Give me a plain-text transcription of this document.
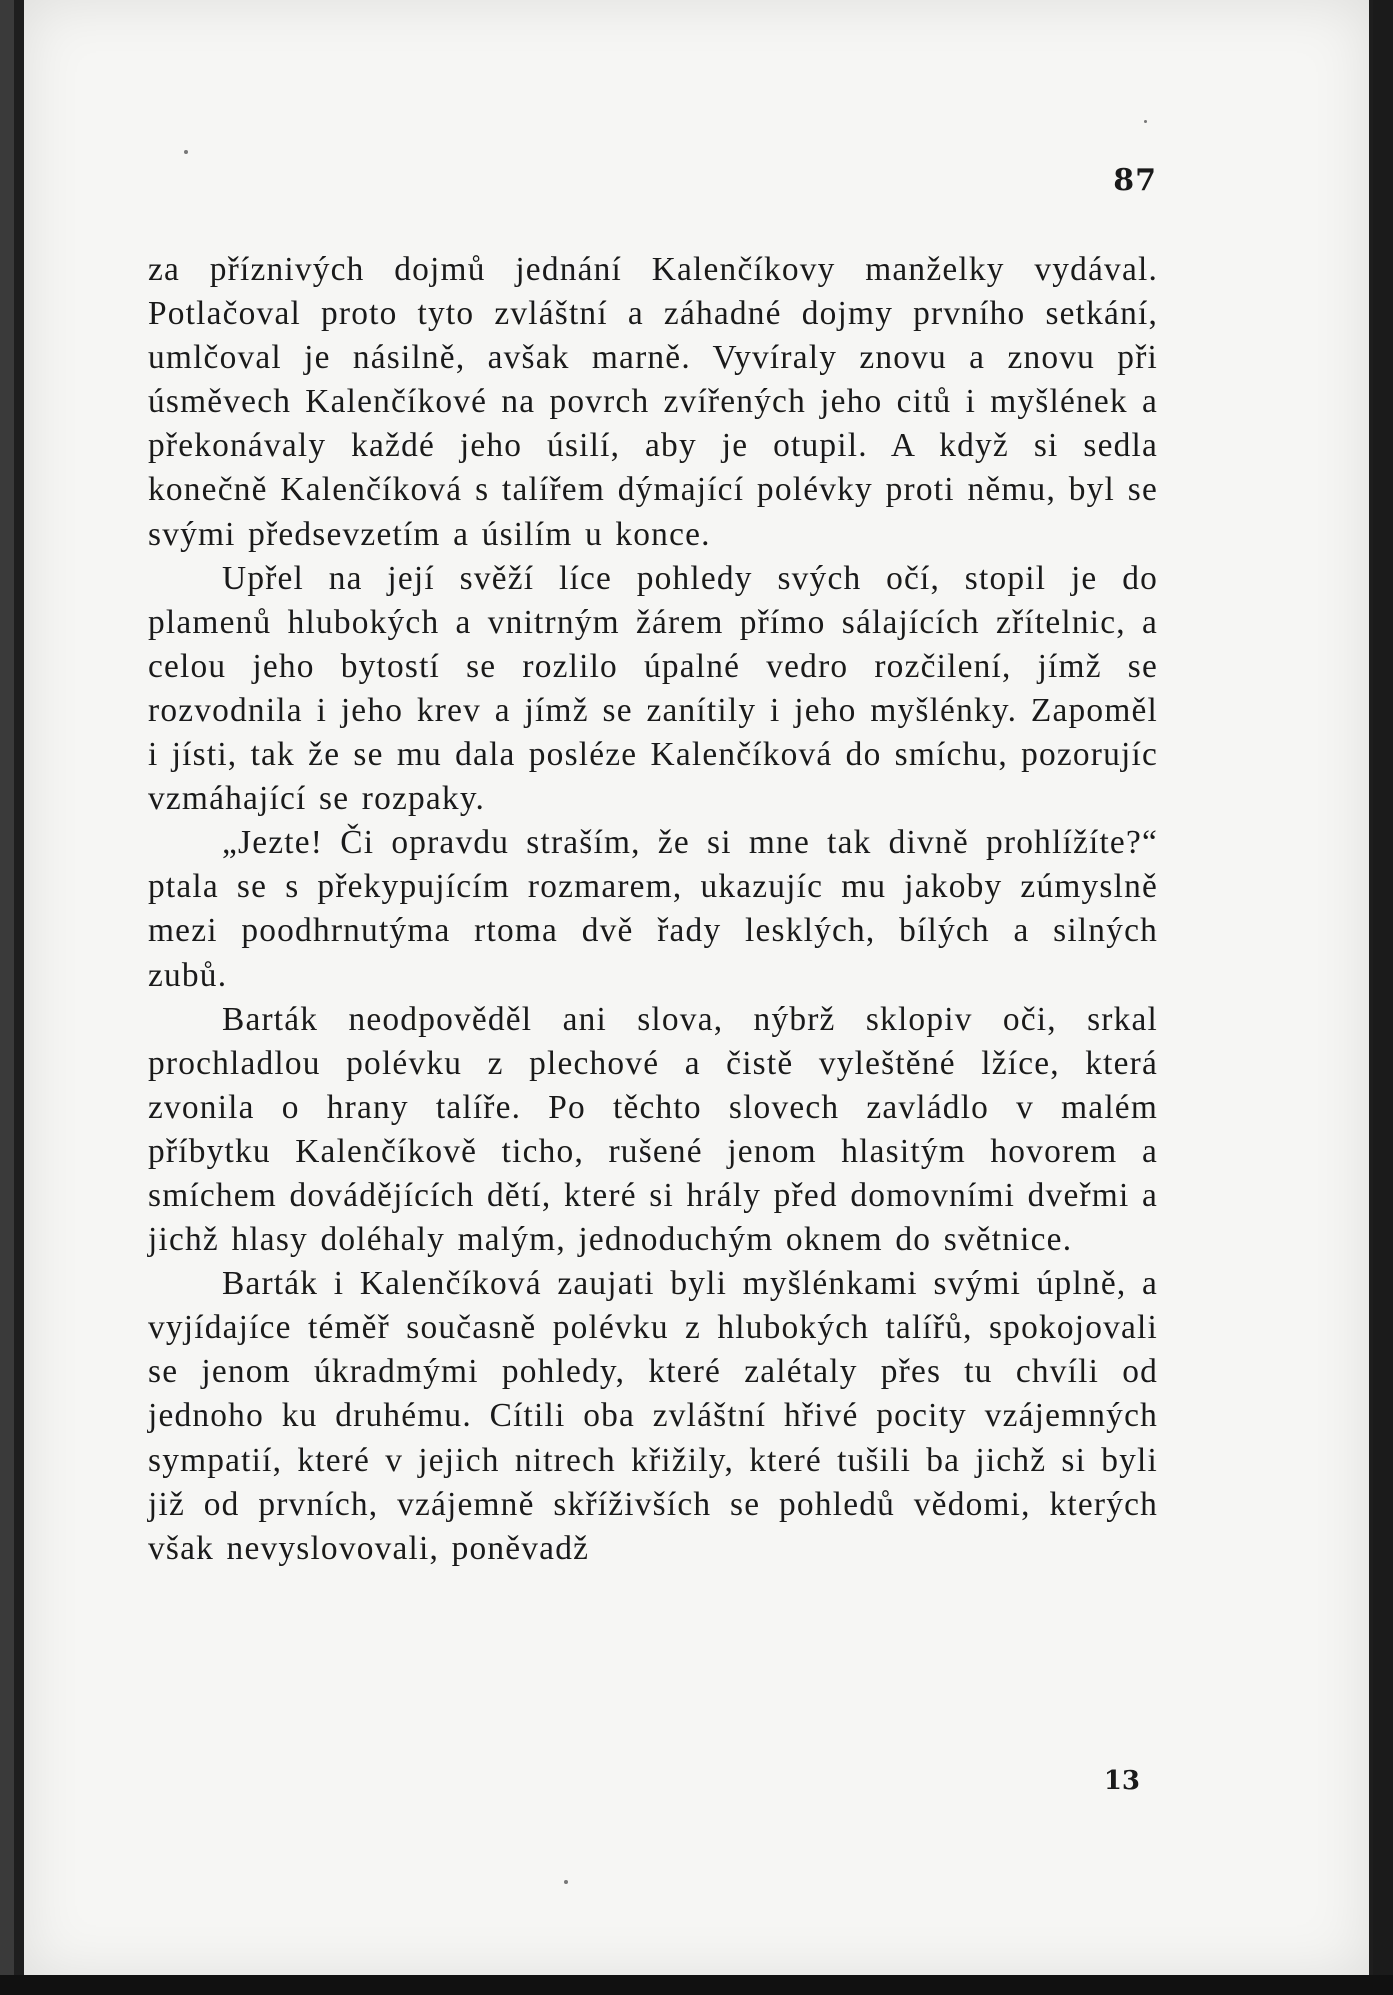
87

za příznivých dojmů jednání Kalenčíkovy manželky vydával. Potlačoval proto tyto zvláštní a záhadné dojmy prvního setkání, umlčoval je násilně, avšak marně. Vyvíraly znovu a znovu při úsměvech Kalenčíkové na povrch zvířených jeho citů i myšlének a překonávaly každé jeho úsilí, aby je otupil. A když si sedla konečně Kalenčíková s talířem dýmající polévky proti němu, byl se svými předsevzetím a úsilím u konce.

Upřel na její svěží líce pohledy svých očí, stopil je do plamenů hlubokých a vnitrným žárem přímo sálajících zřítelnic, a celou jeho bytostí se rozlilo úpalné vedro rozčilení, jímž se rozvodnila i jeho krev a jímž se zanítily i jeho myšlénky. Zapoměl i jísti, tak že se mu dala posléze Kalenčíková do smíchu, pozorujíc vzmáhající se rozpaky.

„Jezte! Či opravdu straším, že si mne tak divně prohlížíte?“ ptala se s překypujícím rozmarem, ukazujíc mu jakoby zúmyslně mezi poodhrnutýma rtoma dvě řady lesklých, bílých a silných zubů.

Barták neodpověděl ani slova, nýbrž sklopiv oči, srkal prochladlou polévku z plechové a čistě vyleštěné lžíce, která zvonila o hrany talíře. Po těchto slovech zavládlo v malém příbytku Kalenčíkově ticho, rušené jenom hlasitým hovorem a smíchem dovádějících dětí, které si hrály před domovními dveřmi a jichž hlasy doléhaly malým, jednoduchým oknem do světnice.

Barták i Kalenčíková zaujati byli myšlénkami svými úplně, a vyjídajíce téměř současně polévku z hlubokých talířů, spokojovali se jenom úkradmými pohledy, které zalétaly přes tu chvíli od jednoho ku druhému. Cítili oba zvláštní hřivé pocity vzájemných sympatií, které v jejich nitrech křižily, které tušili ba jichž si byli již od prvních, vzájemně skříživších se pohledů vědomi, kterých však nevyslovovali, poněvadž

13
